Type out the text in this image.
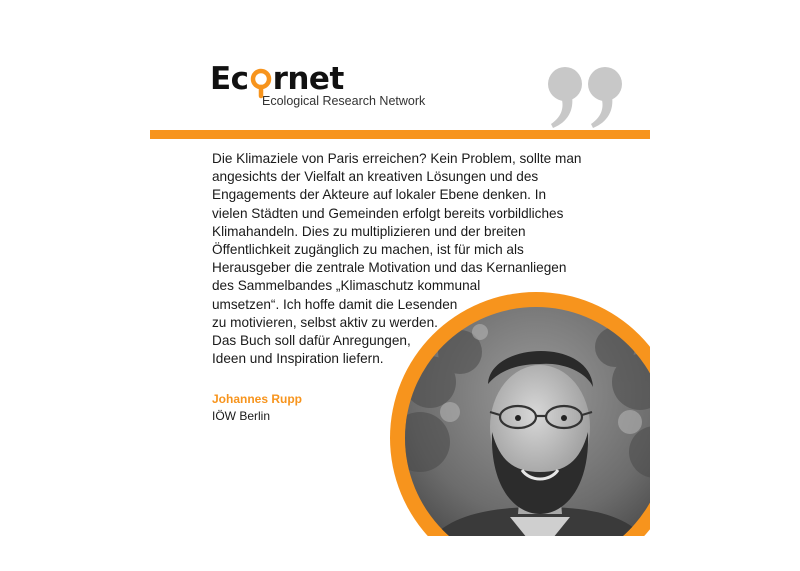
Ec rnet
Ecological Research Network
Die Klimaziele von Paris erreichen? Kein Problem, sollte man
angesichts der Vielfalt an kreativen Lösungen und des
Engagements der Akteure auf lokaler Ebene denken. In
vielen Städten und Gemeinden erfolgt bereits vorbildliches
Klimahandeln. Dies zu multiplizieren und der breiten
Öffentlichkeit zugänglich zu machen, ist für mich als
Herausgeber die zentrale Motivation und das Kernanliegen
des Sammelbandes „Klimaschutz kommunal
umsetzen“. Ich hoffe damit die Lesenden
zu motivieren, selbst aktiv zu werden.
Das Buch soll dafür Anregungen,
Ideen und Inspiration liefern.
Johannes Rupp
IÖW Berlin
